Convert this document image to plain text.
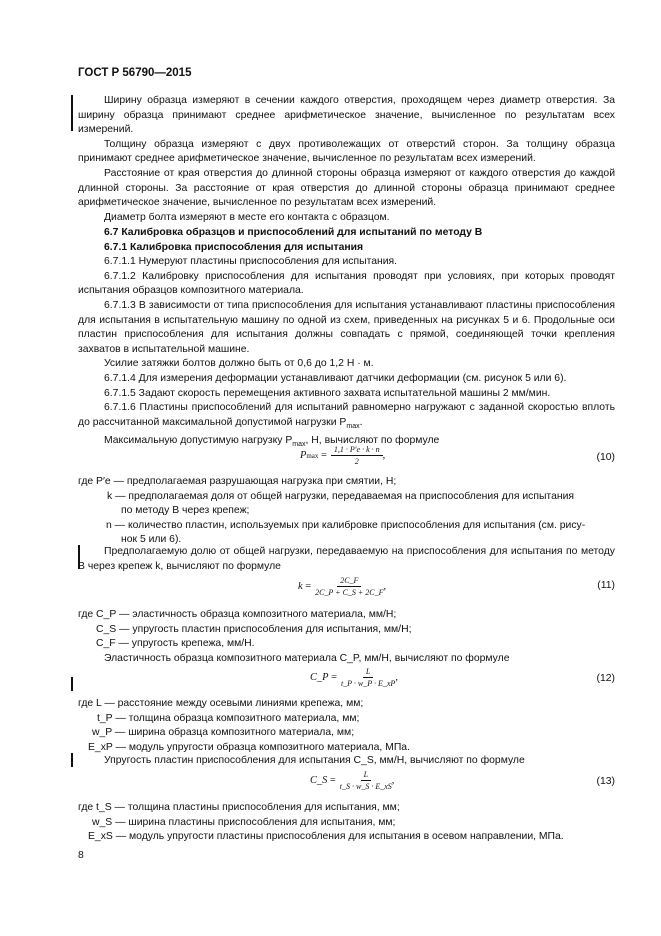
ГОСТ Р 56790—2015

Ширину образца измеряют в сечении каждого отверстия, проходящем через диаметр отверстия. За ширину образца принимают среднее арифметическое значение, вычисленное по результатам всех измерений.

Толщину образца измеряют с двух противолежащих от отверстий сторон. За толщину образца принимают среднее арифметическое значение, вычисленное по результатам всех измерений.

Расстояние от края отверстия до длинной стороны образца измеряют от каждого отверстия до каждой длинной стороны. За расстояние от края отверстия до длинной стороны образца принимают среднее арифметическое значение, вычисленное по результатам всех измерений.

Диаметр болта измеряют в месте его контакта с образцом.

6.7 Калибровка образцов и приспособлений для испытаний по методу В

6.7.1 Калибровка приспособления для испытания

6.7.1.1 Нумеруют пластины приспособления для испытания.

6.7.1.2 Калибровку приспособления для испытания проводят при условиях, при которых проводят испытания образцов композитного материала.

6.7.1.3 В зависимости от типа приспособления для испытания устанавливают пластины приспособления для испытания в испытательную машину по одной из схем, приведенных на рисунках 5 и 6. Продольные оси пластин приспособления для испытания должны совпадать с прямой, соединяющей точки крепления захватов в испытательной машине.

Усилие затяжки болтов должно быть от 0,6 до 1,2 Н · м.

6.7.1.4 Для измерения деформации устанавливают датчики деформации (см. рисунок 5 или 6).

6.7.1.5 Задают скорость перемещения активного захвата испытательной машины 2 мм/мин.

6.7.1.6 Пластины приспособлений для испытаний равномерно нагружают с заданной скоростью вплоть до рассчитанной максимальной допустимой нагрузки $P_{max}$.

Максимальную допустимую нагрузку $P_{max}$, Н, вычисляют по формуле

P $\max = \frac{1,1 \cdot P'e \cdot k \cdot n}{2}$ ,	(10)
где P′e — предполагаемая разрушающая нагрузка при смятии, Н;
k — предполагаемая доля от общей нагрузки, передаваемая на приспособления для испытания
по методу В через крепеж;
n — количество пластин, используемых при калибровке приспособления для испытания (см. рису-
нок 5 или 6).

Предполагаемую долю от общей нагрузки, передаваемую на приспособления для испытания по методу В через крепеж k, вычисляют по формуле

$k = \frac{2C\_F}{2C\_P + C\_S + 2C\_F}$ ,	(11)
где C_P — эластичность образца композитного материала, мм/Н;
C_S — упругость пластин приспособления для испытания, мм/Н;
C_F — упругость крепежа, мм/Н.

Эластичность образца композитного материала C_P, мм/Н, вычисляют по формуле

C_P = $\frac{L}{t\_P \cdot w\_P \cdot E\_xP}$ ,	(12)
где L — расстояние между осевыми линиями крепежа, мм;
t_P — толщина образца композитного материала, мм;
w_P — ширина образца композитного материала, мм;
E_xP — модуль упругости образца композитного материала, МПа.

Упругость пластин приспособления для испытания C_S, мм/Н, вычисляют по формуле

C_S = $\frac{L}{t\_S \cdot w\_S \cdot E\_xS}$ ,	(13)
где t_S — толщина пластины приспособления для испытания, мм;
w_S — ширина пластины приспособления для испытания, мм;
E_xS — модуль упругости пластины приспособления для испытания в осевом направлении, МПа.
8
